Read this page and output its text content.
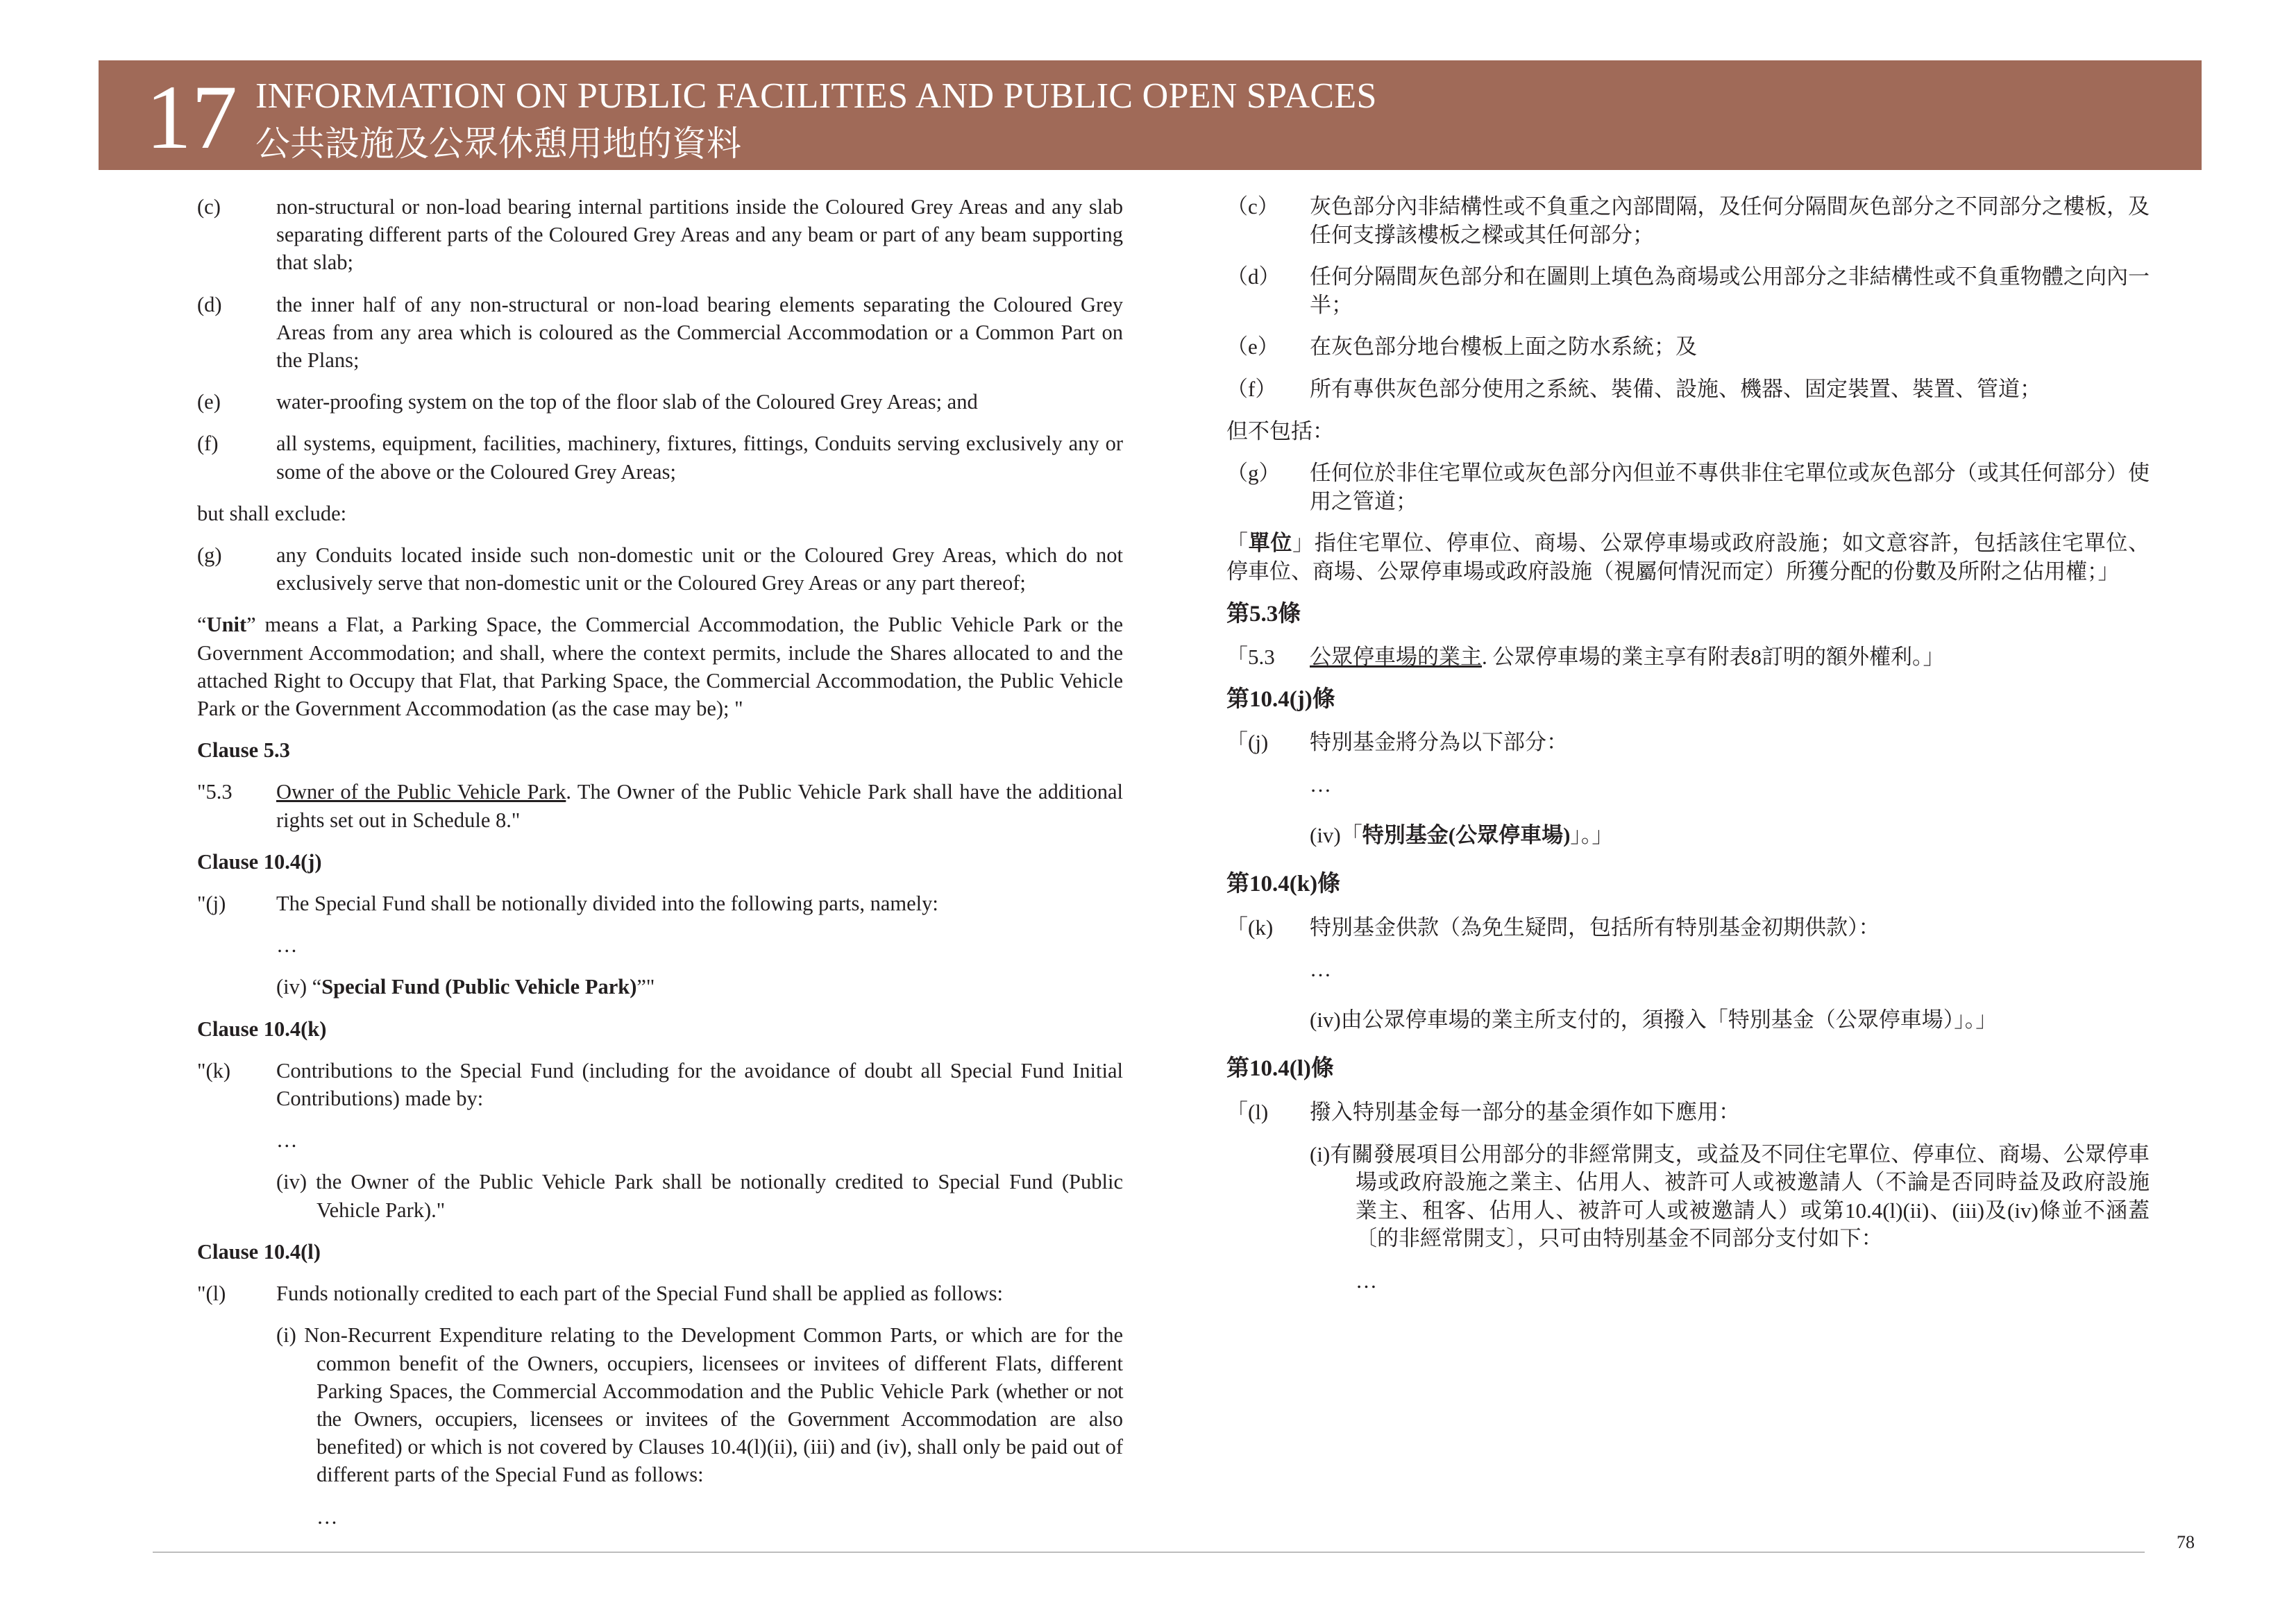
17 INFORMATION ON PUBLIC FACILITIES AND PUBLIC OPEN SPACES
公共設施及公眾休憩用地的資料
(c)	non-structural or non-load bearing internal partitions inside the Coloured Grey Areas and any slab separating different parts of the Coloured Grey Areas and any beam or part of any beam supporting that slab;
(d)	the inner half of any non-structural or non-load bearing elements separating the Coloured Grey Areas from any area which is coloured as the Commercial Accommodation or a Common Part on the Plans;
(e)	water-proofing system on the top of the floor slab of the Coloured Grey Areas; and
(f)	all systems, equipment, facilities, machinery, fixtures, fittings, Conduits serving exclusively any or some of the above or the Coloured Grey Areas;
but shall exclude:
(g)	any Conduits located inside such non-domestic unit or the Coloured Grey Areas, which do not exclusively serve that non-domestic unit or the Coloured Grey Areas or any part thereof;
“Unit” means a Flat, a Parking Space, the Commercial Accommodation, the Public Vehicle Park or the Government Accommodation; and shall, where the context permits, include the Shares allocated to and the attached Right to Occupy that Flat, that Parking Space, the Commercial Accommodation, the Public Vehicle Park or the Government Accommodation (as the case may be); "
Clause 5.3
"5.3	Owner of the Public Vehicle Park. The Owner of the Public Vehicle Park shall have the additional rights set out in Schedule 8."
Clause 10.4(j)
"(j)	The Special Fund shall be notionally divided into the following parts, namely:
…
(iv) “Special Fund (Public Vehicle Park)”"
Clause 10.4(k)
"(k)	Contributions to the Special Fund (including for the avoidance of doubt all Special Fund Initial Contributions) made by:
…
(iv) the Owner of the Public Vehicle Park shall be notionally credited to Special Fund (Public Vehicle Park)."
Clause 10.4(l)
"(l)	Funds notionally credited to each part of the Special Fund shall be applied as follows:
(i) Non-Recurrent Expenditure relating to the Development Common Parts, or which are for the common benefit of the Owners, occupiers, licensees or invitees of different Flats, different Parking Spaces, the Commercial Accommodation and the Public Vehicle Park (whether or not the Owners, occupiers, licensees or invitees of the Government Accommodation are also benefited) or which is not covered by Clauses 10.4(l)(ii), (iii) and (iv), shall only be paid out of different parts of the Special Fund as follows:
…
（c）	灰色部分內非結構性或不負重之內部間隔，及任何分隔間灰色部分之不同部分之樓板，及任何支撐該樓板之樑或其任何部分；
（d）	任何分隔間灰色部分和在圖則上填色為商場或公用部分之非結構性或不負重物體之向內一半；
（e）	在灰色部分地台樓板上面之防水系統；及
（f）	所有專供灰色部分使用之系統、裝備、設施、機器、固定裝置、裝置、管道；
但不包括：
（g）	任何位於非住宅單位或灰色部分內但並不專供非住宅單位或灰色部分（或其任何部分）使用之管道；
「單位」指住宅單位、停車位、商場、公眾停車場或政府設施；如文意容許，包括該住宅單位、停車位、商場、公眾停車場或政府設施（視屬何情況而定）所獲分配的份數及所附之佔用權；」
第5.3條
「5.3	公眾停車場的業主. 公眾停車場的業主享有附表8訂明的額外權利。」
第10.4(j)條
「(j)	特別基金將分為以下部分：
…
(iv)「特別基金(公眾停車場)」。」
第10.4(k)條
「(k)	特別基金供款（為免生疑問，包括所有特別基金初期供款）：
…
(iv)由公眾停車場的業主所支付的，須撥入「特別基金（公眾停車場）」。」
第10.4(l)條
「(l)	撥入特別基金每一部分的基金須作如下應用：
(i)有關發展項目公用部分的非經常開支，或益及不同住宅單位、停車位、商場、公眾停車場或政府設施之業主、佔用人、被許可人或被邀請人（不論是否同時益及政府設施業主、租客、佔用人、被許可人或被邀請人）或第10.4(l)(ii)、(iii)及(iv)條並不涵蓋〔的非經常開支〕，只可由特別基金不同部分支付如下：
…
78
